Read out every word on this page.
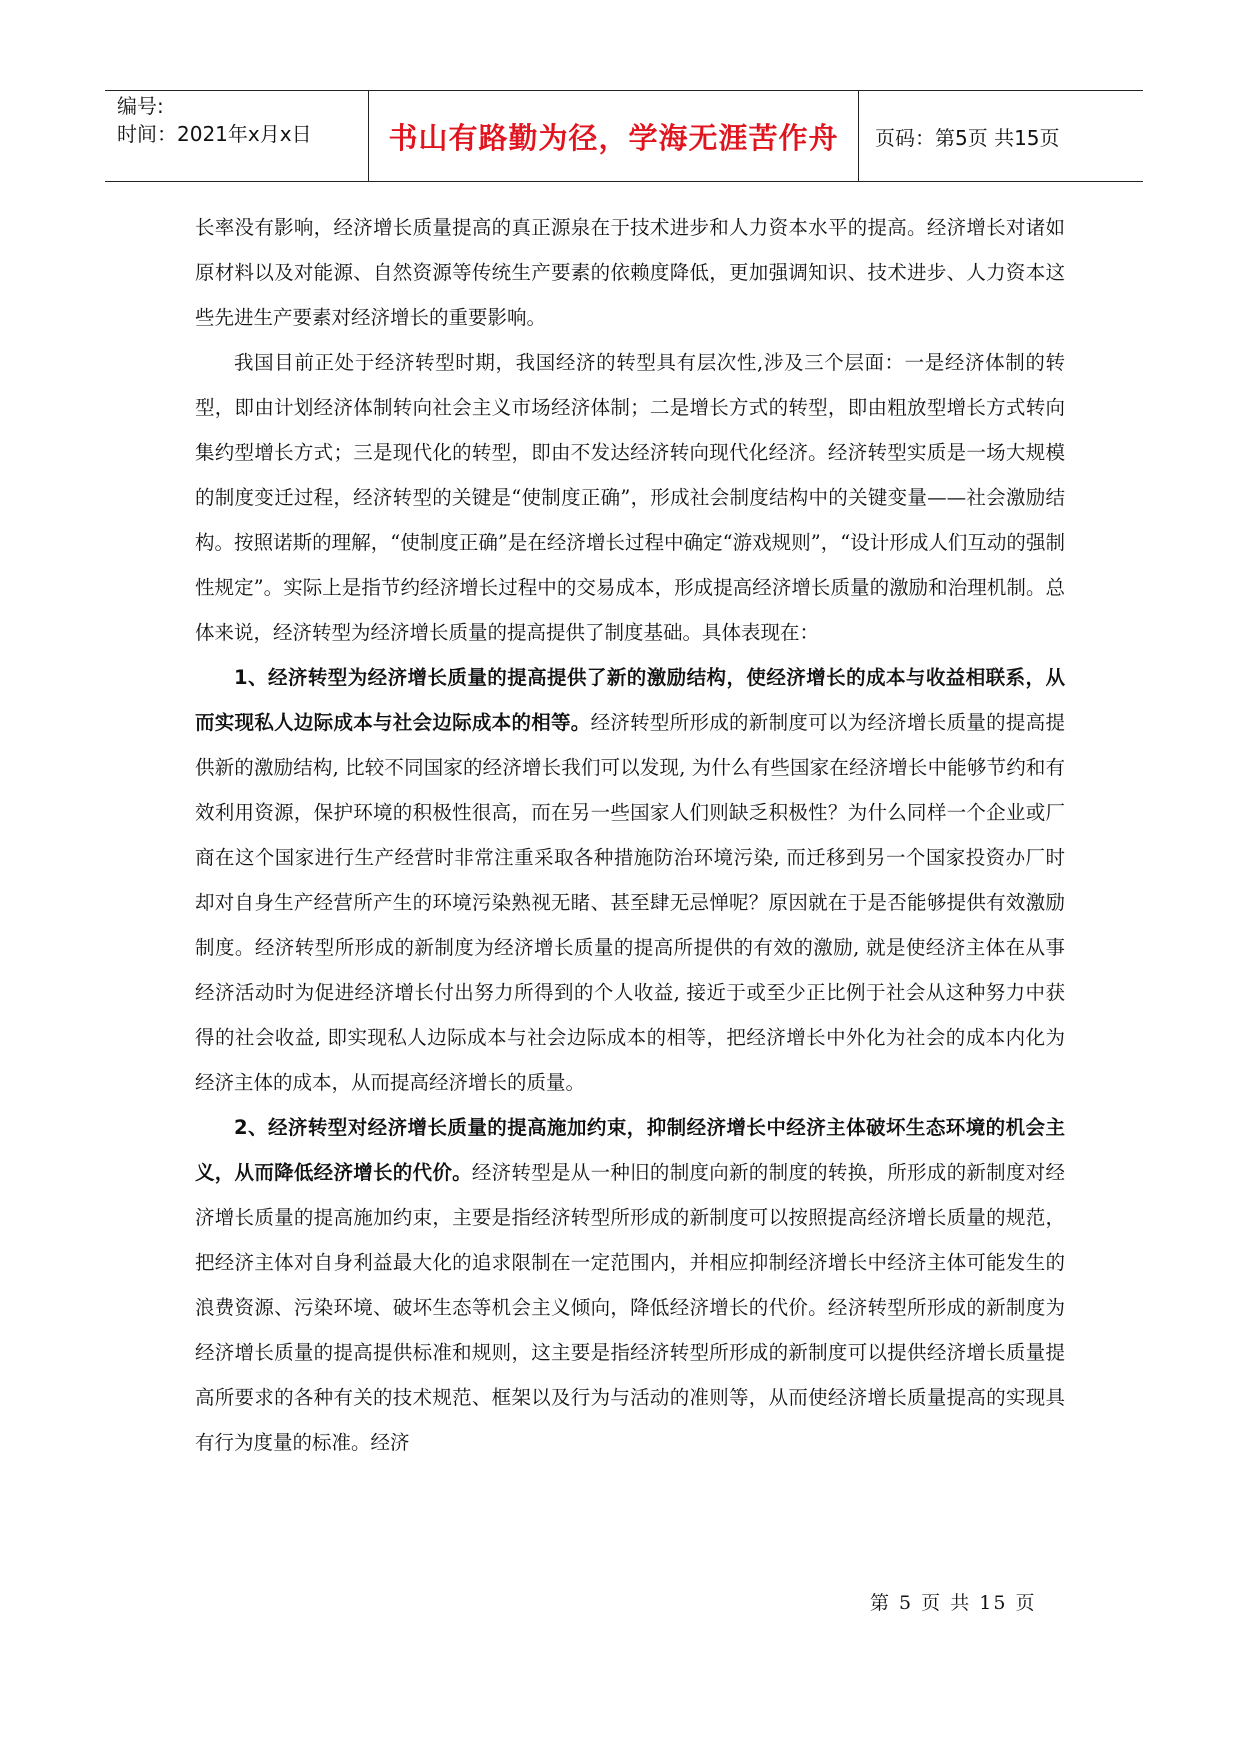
编号:
时间：2021年x月x日	书山有路勤为径，学海无涯苦作舟 页码：第5页 共15页

长率没有影响，经济增长质量提高的真正源泉在于技术进步和人力资本水平的提高。经济增长对诸如原材料以及对能源、自然资源等传统生产要素的依赖度降低，更加强调知识、技术进步、人力资本这些先进生产要素对经济增长的重要影响。

我国目前正处于经济转型时期，我国经济的转型具有层次性,涉及三个层面：一是经济体制的转型，即由计划经济体制转向社会主义市场经济体制；二是增长方式的转型，即由粗放型增长方式转向集约型增长方式；三是现代化的转型，即由不发达经济转向现代化经济。经济转型实质是一场大规模的制度变迁过程，经济转型的关键是“使制度正确”，形成社会制度结构中的关键变量——社会激励结构。按照诺斯的理解，“使制度正确”是在经济增长过程中确定“游戏规则”，“设计形成人们互动的强制性规定”。实际上是指节约经济增长过程中的交易成本，形成提高经济增长质量的激励和治理机制。总体来说，经济转型为经济增长质量的提高提供了制度基础。具体表现在：

1、经济转型为经济增长质量的提高提供了新的激励结构，使经济增长的成本与收益相联系，从而实现私人边际成本与社会边际成本的相等。经济转型所形成的新制度可以为经济增长质量的提高提供新的激励结构, 比较不同国家的经济增长我们可以发现, 为什么有些国家在经济增长中能够节约和有效利用资源，保护环境的积极性很高，而在另一些国家人们则缺乏积极性？为什么同样一个企业或厂商在这个国家进行生产经营时非常注重采取各种措施防治环境污染, 而迁移到另一个国家投资办厂时却对自身生产经营所产生的环境污染熟视无睹、甚至肆无忌惮呢？原因就在于是否能够提供有效激励制度。经济转型所形成的新制度为经济增长质量的提高所提供的有效的激励, 就是使经济主体在从事经济活动时为促进经济增长付出努力所得到的个人收益, 接近于或至少正比例于社会从这种努力中获得的社会收益, 即实现私人边际成本与社会边际成本的相等，把经济增长中外化为社会的成本内化为经济主体的成本，从而提高经济增长的质量。

2、经济转型对经济增长质量的提高施加约束，抑制经济增长中经济主体破坏生态环境的机会主义，从而降低经济增长的代价。经济转型是从一种旧的制度向新的制度的转换，所形成的新制度对经济增长质量的提高施加约束，主要是指经济转型所形成的新制度可以按照提高经济增长质量的规范，把经济主体对自身利益最大化的追求限制在一定范围内，并相应抑制经济增长中经济主体可能发生的浪费资源、污染环境、破坏生态等机会主义倾向，降低经济增长的代价。经济转型所形成的新制度为经济增长质量的提高提供标准和规则，这主要是指经济转型所形成的新制度可以提供经济增长质量提高所要求的各种有关的技术规范、框架以及行为与活动的准则等，从而使经济增长质量提高的实现具有行为度量的标准。经济

第 5 页 共 15 页
